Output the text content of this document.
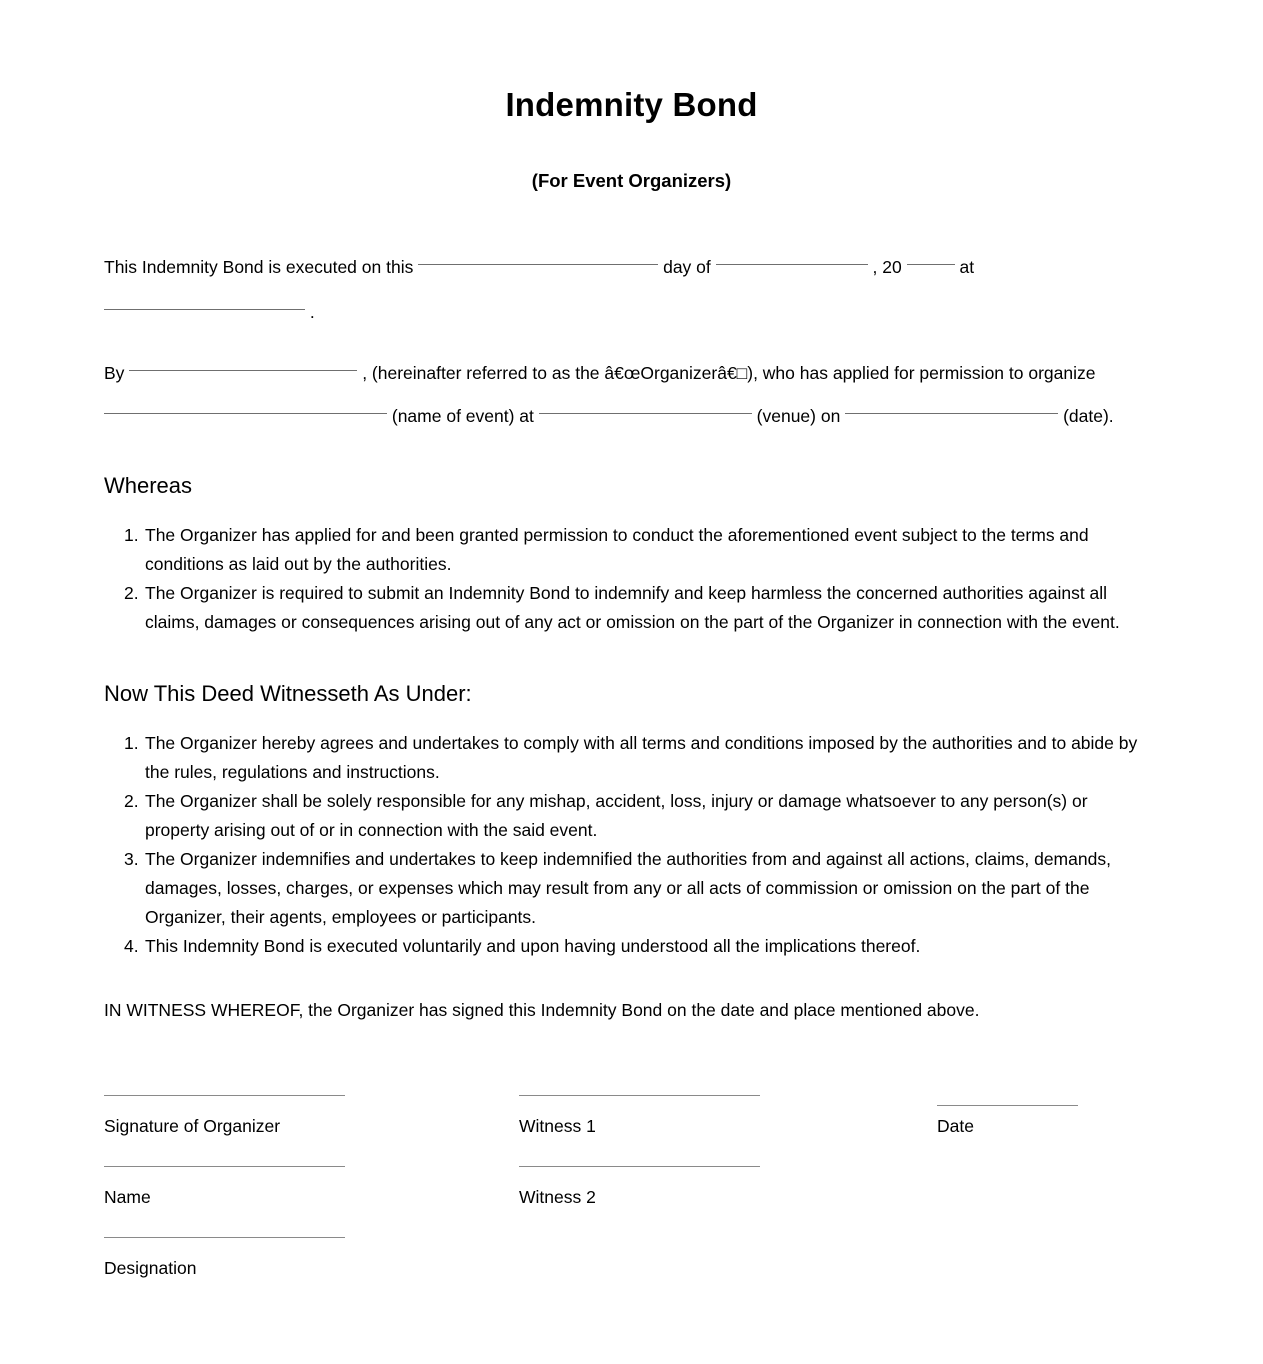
Indemnity Bond
(For Event Organizers)
This Indemnity Bond is executed on this	day of	, 20	at
.
By	, (hereinafter referred to as the â€œOrganizerâ€□), who has applied for permission to organize
(name of event) at	(venue) on	(date).
Whereas
1. The Organizer has applied for and been granted permission to conduct the aforementioned event subject to the terms and conditions as laid out by the authorities.
2. The Organizer is required to submit an Indemnity Bond to indemnify and keep harmless the concerned authorities against all claims, damages or consequences arising out of any act or omission on the part of the Organizer in connection with the event.
Now This Deed Witnesseth As Under:
1. The Organizer hereby agrees and undertakes to comply with all terms and conditions imposed by the authorities and to abide by the rules, regulations and instructions.
2. The Organizer shall be solely responsible for any mishap, accident, loss, injury or damage whatsoever to any person(s) or property arising out of or in connection with the said event.
3. The Organizer indemnifies and undertakes to keep indemnified the authorities from and against all actions, claims, demands, damages, losses, charges, or expenses which may result from any or all acts of commission or omission on the part of the Organizer, their agents, employees or participants.
4. This Indemnity Bond is executed voluntarily and upon having understood all the implications thereof.
IN WITNESS WHEREOF, the Organizer has signed this Indemnity Bond on the date and place mentioned above.
Signature of Organizer
Name
Designation
Witness 1
Witness 2
Date
